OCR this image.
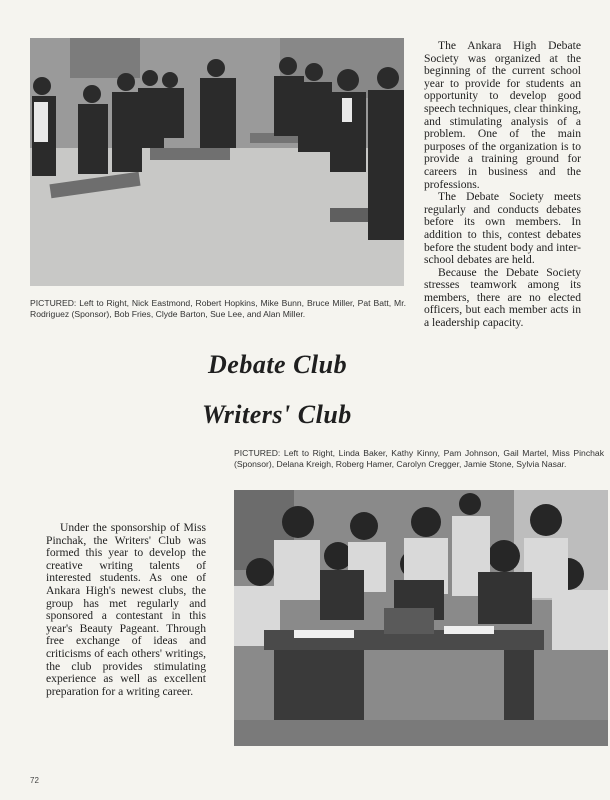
The Ankara High Debate Society was organized at the beginning of the current school year to provide for students an opportunity to develop good speech techniques, clear thinking, and stimulating analysis of a problem. One of the main purposes of the organization is to provide a training ground for careers in business and the professions.

The Debate Society meets regularly and conducts debates before its own members. In addition to this, contest debates before the student body and inter-school debates are held.

Because the Debate Society stresses teamwork among its members, there are no elected officers, but each member acts in a leadership capacity.

PICTURED: Left to Right, Nick Eastmond, Robert Hopkins, Mike Bunn, Bruce Miller, Pat Batt, Mr. Rodriguez (Sponsor), Bob Fries, Clyde Barton, Sue Lee, and Alan Miller.

Debate Club
Writers' Club

PICTURED: Left to Right, Linda Baker, Kathy Kinny, Pam Johnson, Gail Martel, Miss Pinchak (Sponsor), Delana Kreigh, Roberg Hamer, Carolyn Cregger, Jamie Stone, Sylvia Nasar.

Under the sponsorship of Miss Pinchak, the Writers' Club was formed this year to develop the creative writing talents of interested students. As one of Ankara High's newest clubs, the group has met regularly and sponsored a contestant in this year's Beauty Pageant. Through free exchange of ideas and criticisms of each others' writings, the club provides stimulating experience as well as excellent preparation for a writing career.

72
